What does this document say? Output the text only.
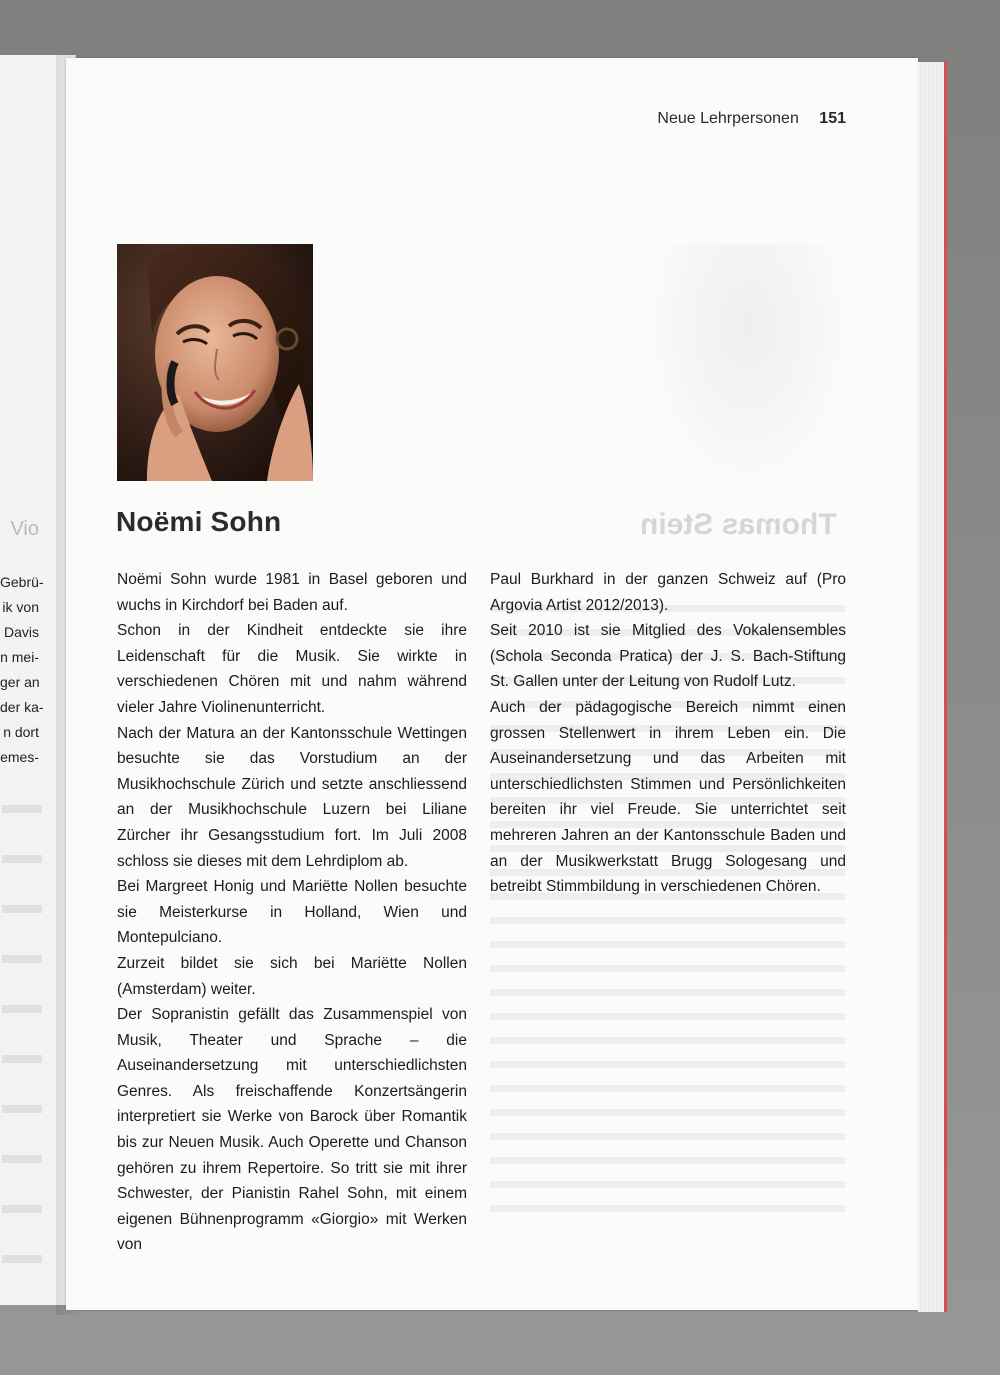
Vio
Gebrü-
ik von
Davis
n mei-
ger an
der ka-
n dort
emes-
Neue Lehrpersonen 151
Thomas Stein
Noëmi Sohn

Noëmi Sohn wurde 1981 in Basel geboren und wuchs in Kirchdorf bei Baden auf.

Schon in der Kindheit entdeckte sie ihre Leidenschaft für die Musik. Sie wirkte in verschiedenen Chören mit und nahm während vieler Jahre Violinenunterricht.

Nach der Matura an der Kantonsschule Wettingen besuchte sie das Vorstudium an der Musikhochschule Zürich und setzte anschliessend an der Musikhochschule Luzern bei Liliane Zürcher ihr Gesangsstudium fort. Im Juli 2008 schloss sie dieses mit dem Lehrdiplom ab.

Bei Margreet Honig und Mariëtte Nollen besuchte sie Meisterkurse in Holland, Wien und Montepulciano.

Zurzeit bildet sie sich bei Mariëtte Nollen (Amsterdam) weiter.

Der Sopranistin gefällt das Zusammenspiel von Musik, Theater und Sprache – die Auseinandersetzung mit unterschiedlichsten Genres. Als freischaffende Konzertsängerin interpretiert sie Werke von Barock über Romantik bis zur Neuen Musik. Auch Operette und Chanson gehören zu ihrem Repertoire. So tritt sie mit ihrer Schwester, der Pianistin Rahel Sohn, mit einem eigenen Bühnenprogramm «Giorgio» mit Werken von

Paul Burkhard in der ganzen Schweiz auf (Pro Argovia Artist 2012/2013).

Seit 2010 ist sie Mitglied des Vokalensembles (Schola Seconda Pratica) der J. S. Bach-Stiftung St. Gallen unter der Leitung von Rudolf Lutz.

Auch der pädagogische Bereich nimmt einen grossen Stellenwert in ihrem Leben ein. Die Auseinandersetzung und das Arbeiten mit unterschiedlichsten Stimmen und Persönlichkeiten bereiten ihr viel Freude. Sie unterrichtet seit mehreren Jahren an der Kantonsschule Baden und an der Musikwerkstatt Brugg Sologesang und betreibt Stimmbildung in verschiedenen Chören.
